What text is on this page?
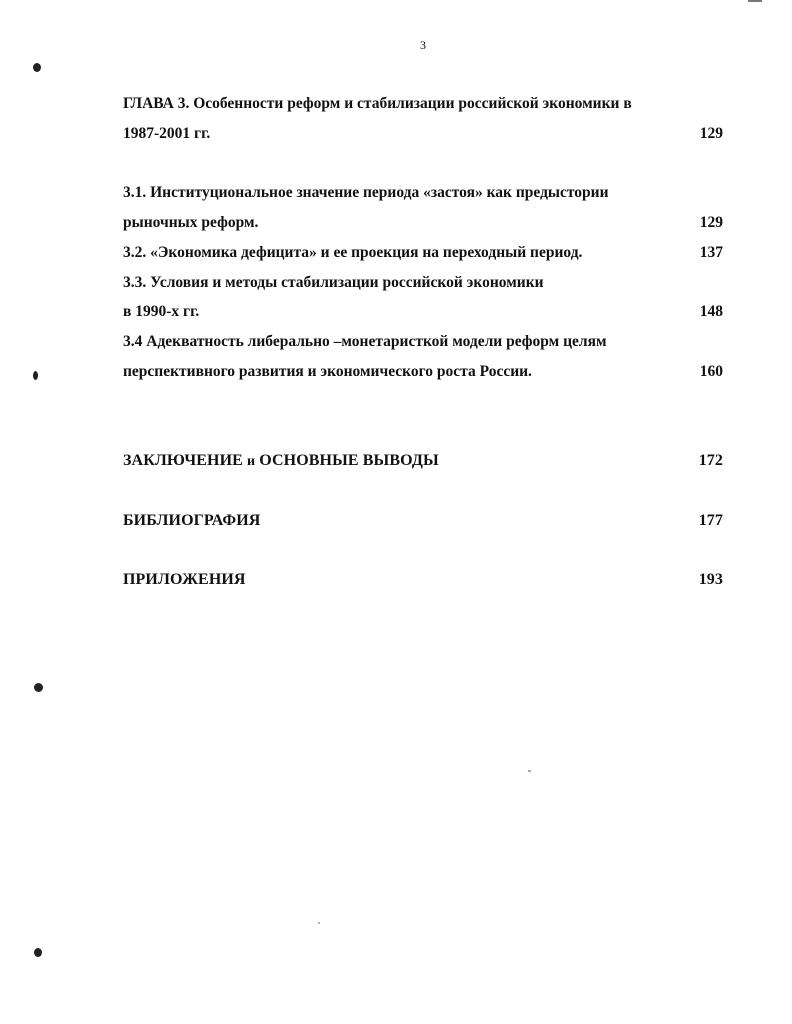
3
ГЛАВА 3. Особенности реформ и стабилизации российской экономики в
1987-2001 гг.	129
3.1. Институциональное значение периода «застоя» как предыстории
рыночных реформ.	129
3.2. «Экономика дефицита» и ее проекция на переходный период.	137
3.3. Условия и методы стабилизации российской экономики
в 1990-х гг.	148
3.4 Адекватность либерально –монетаристкой модели реформ целям
перспективного развития и экономического роста России.	160
ЗАКЛЮЧЕНИЕ и ОСНОВНЫЕ ВЫВОДЫ	172
БИБЛИОГРАФИЯ	177
ПРИЛОЖЕНИЯ	193
